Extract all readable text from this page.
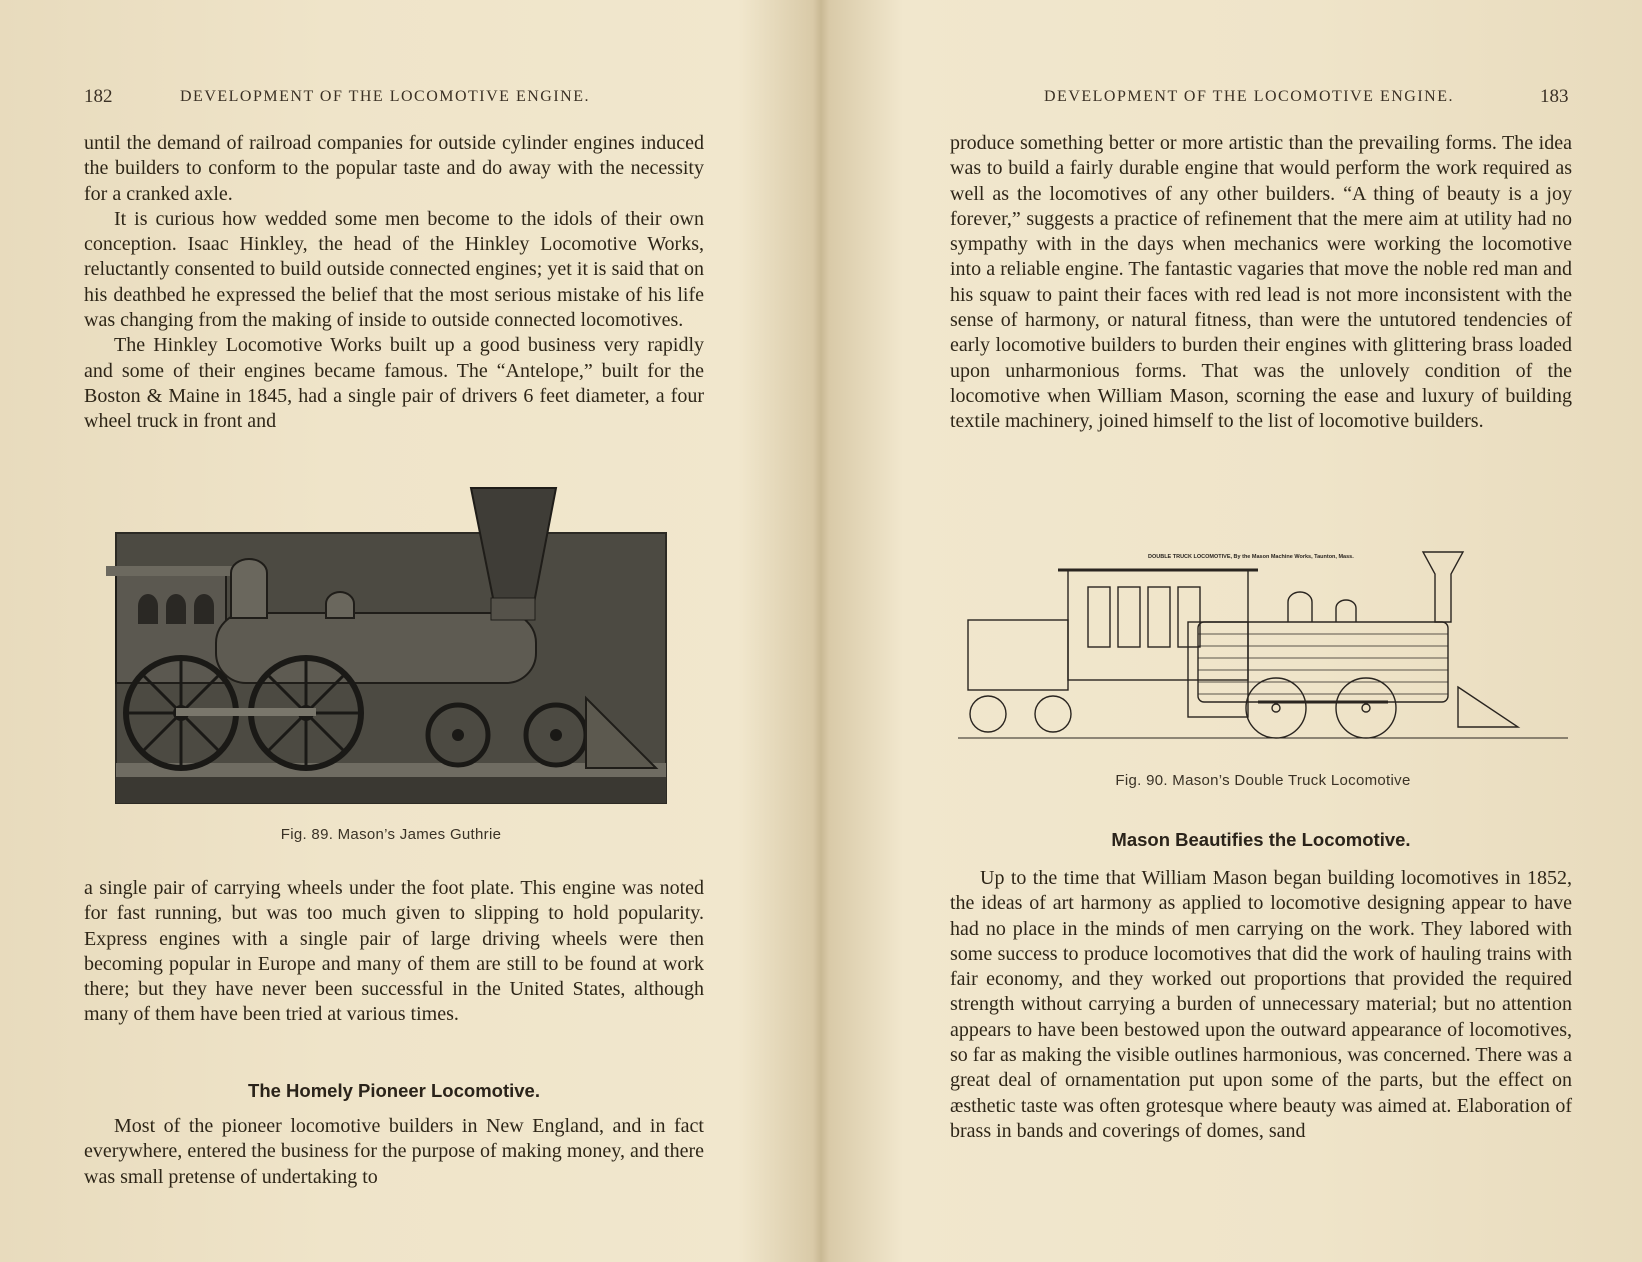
182	DEVELOPMENT OF THE LOCOMOTIVE ENGINE.

until the demand of railroad companies for outside cylinder engines induced the builders to conform to the popular taste and do away with the necessity for a cranked axle.

It is curious how wedded some men become to the idols of their own conception. Isaac Hinkley, the head of the Hinkley Locomotive Works, reluctantly consented to build outside connected engines; yet it is said that on his deathbed he expressed the belief that the most serious mistake of his life was changing from the making of inside to outside connected locomotives.

The Hinkley Locomotive Works built up a good business very rapidly and some of their engines became famous. The “Antelope,” built for the Boston & Maine in 1845, had a single pair of drivers 6 feet diameter, a four wheel truck in front and

Fig. 89. Mason’s James Guthrie

a single pair of carrying wheels under the foot plate. This engine was noted for fast running, but was too much given to slipping to hold popularity. Express engines with a single pair of large driving wheels were then becoming popular in Europe and many of them are still to be found at work there; but they have never been successful in the United States, although many of them have been tried at various times.

The Homely Pioneer Locomotive.

Most of the pioneer locomotive builders in New England, and in fact everywhere, entered the business for the purpose of making money, and there was small pretense of undertaking to

DEVELOPMENT OF THE LOCOMOTIVE ENGINE.	183

produce something better or more artistic than the prevailing forms. The idea was to build a fairly durable engine that would perform the work required as well as the locomotives of any other builders. “A thing of beauty is a joy forever,” suggests a practice of refinement that the mere aim at utility had no sympathy with in the days when mechanics were working the locomotive into a reliable engine. The fantastic vagaries that move the noble red man and his squaw to paint their faces with red lead is not more inconsistent with the sense of harmony, or natural fitness, than were the untutored tendencies of early locomotive builders to burden their engines with glittering brass loaded upon unharmonious forms. That was the unlovely condition of the locomotive when William Mason, scorning the ease and luxury of building textile machinery, joined himself to the list of locomotive builders.

DOUBLE TRUCK LOCOMOTIVE, By the Mason Machine Works, Taunton, Mass.
Fig. 90. Mason’s Double Truck Locomotive
Mason Beautifies the Locomotive.

Up to the time that William Mason began building locomotives in 1852, the ideas of art harmony as applied to locomotive designing appear to have had no place in the minds of men carrying on the work. They labored with some success to produce locomotives that did the work of hauling trains with fair economy, and they worked out proportions that provided the required strength without carrying a burden of unnecessary material; but no attention appears to have been bestowed upon the outward appearance of locomotives, so far as making the visible outlines harmonious, was concerned. There was a great deal of ornamentation put upon some of the parts, but the effect on æsthetic taste was often grotesque where beauty was aimed at. Elaboration of brass in bands and coverings of domes, sand
